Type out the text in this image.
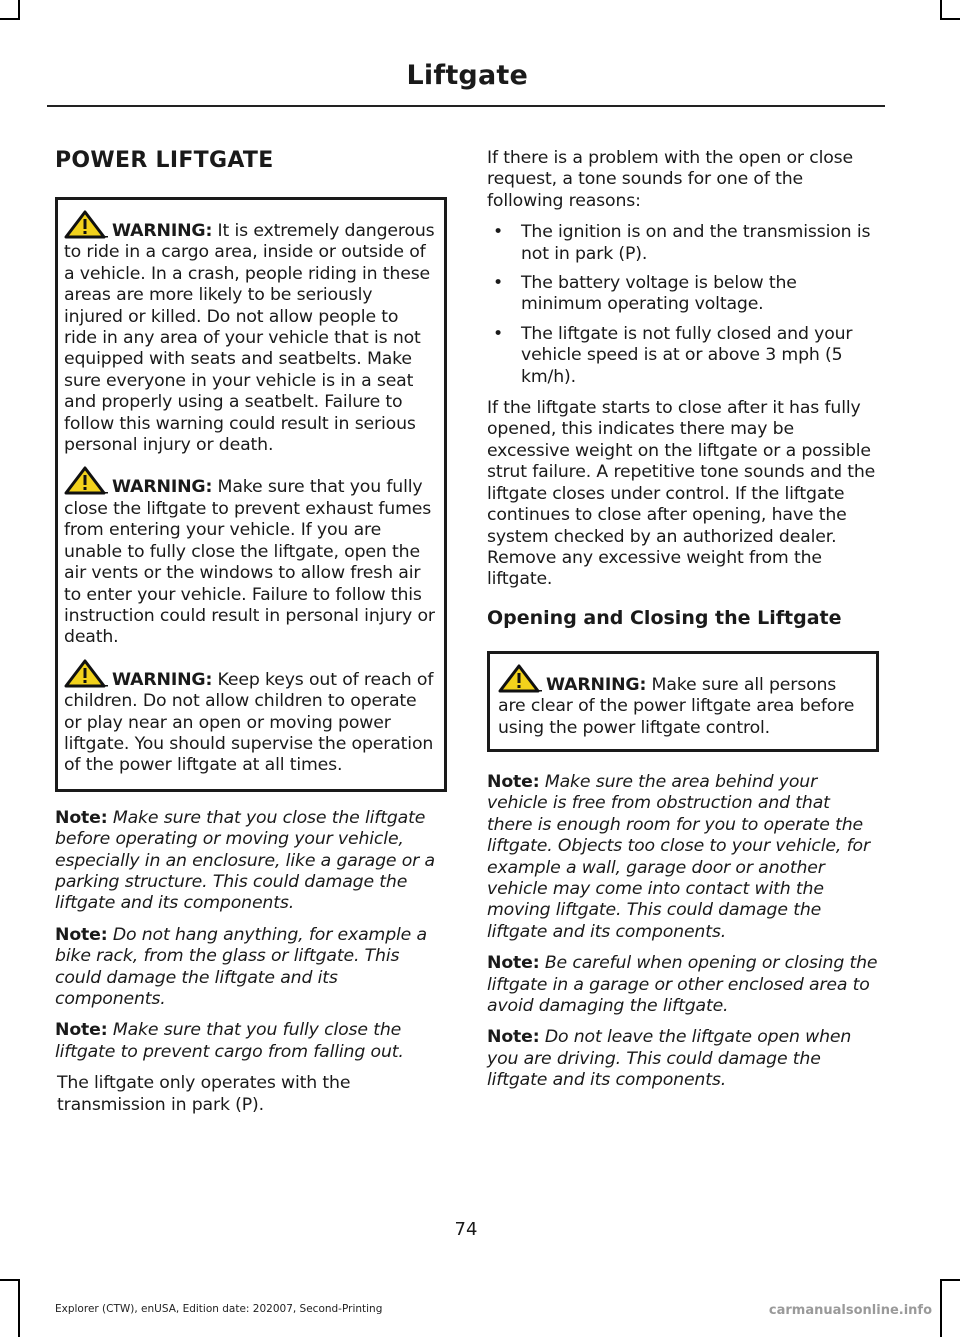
Liftgate
POWER LIFTGATE

WARNING: It is extremely dangerous to ride in a cargo area, inside or outside of a vehicle. In a crash, people riding in these areas are more likely to be seriously injured or killed. Do not allow people to ride in any area of your vehicle that is not equipped with seats and seatbelts. Make sure everyone in your vehicle is in a seat and properly using a seatbelt. Failure to follow this warning could result in serious personal injury or death.

WARNING: Make sure that you fully close the liftgate to prevent exhaust fumes from entering your vehicle. If you are unable to fully close the liftgate, open the air vents or the windows to allow fresh air to enter your vehicle. Failure to follow this instruction could result in personal injury or death.

WARNING: Keep keys out of reach of children. Do not allow children to operate or play near an open or moving power liftgate. You should supervise the operation of the power liftgate at all times.

Note: Make sure that you close the liftgate before operating or moving your vehicle, especially in an enclosure, like a garage or a parking structure. This could damage the liftgate and its components.

Note: Do not hang anything, for example a bike rack, from the glass or liftgate. This could damage the liftgate and its components.

Note: Make sure that you fully close the liftgate to prevent cargo from falling out.

The liftgate only operates with the transmission in park (P).

If there is a problem with the open or close request, a tone sounds for one of the following reasons:

• The ignition is on and the transmission is not in park (P).
• The battery voltage is below the minimum operating voltage.
• The liftgate is not fully closed and your vehicle speed is at or above 3 mph (5 km/h).

If the liftgate starts to close after it has fully opened, this indicates there may be excessive weight on the liftgate or a possible strut failure. A repetitive tone sounds and the liftgate closes under control. If the liftgate continues to close after opening, have the system checked by an authorized dealer. Remove any excessive weight from the liftgate.

Opening and Closing the Liftgate

WARNING: Make sure all persons are clear of the power liftgate area before using the power liftgate control.

Note: Make sure the area behind your vehicle is free from obstruction and that there is enough room for you to operate the liftgate. Objects too close to your vehicle, for example a wall, garage door or another vehicle may come into contact with the moving liftgate. This could damage the liftgate and its components.

Note: Be careful when opening or closing the liftgate in a garage or other enclosed area to avoid damaging the liftgate.

Note: Do not leave the liftgate open when you are driving. This could damage the liftgate and its components.

74
Explorer (CTW), enUSA, Edition date: 202007, Second-Printing	carmanualsonline.info
